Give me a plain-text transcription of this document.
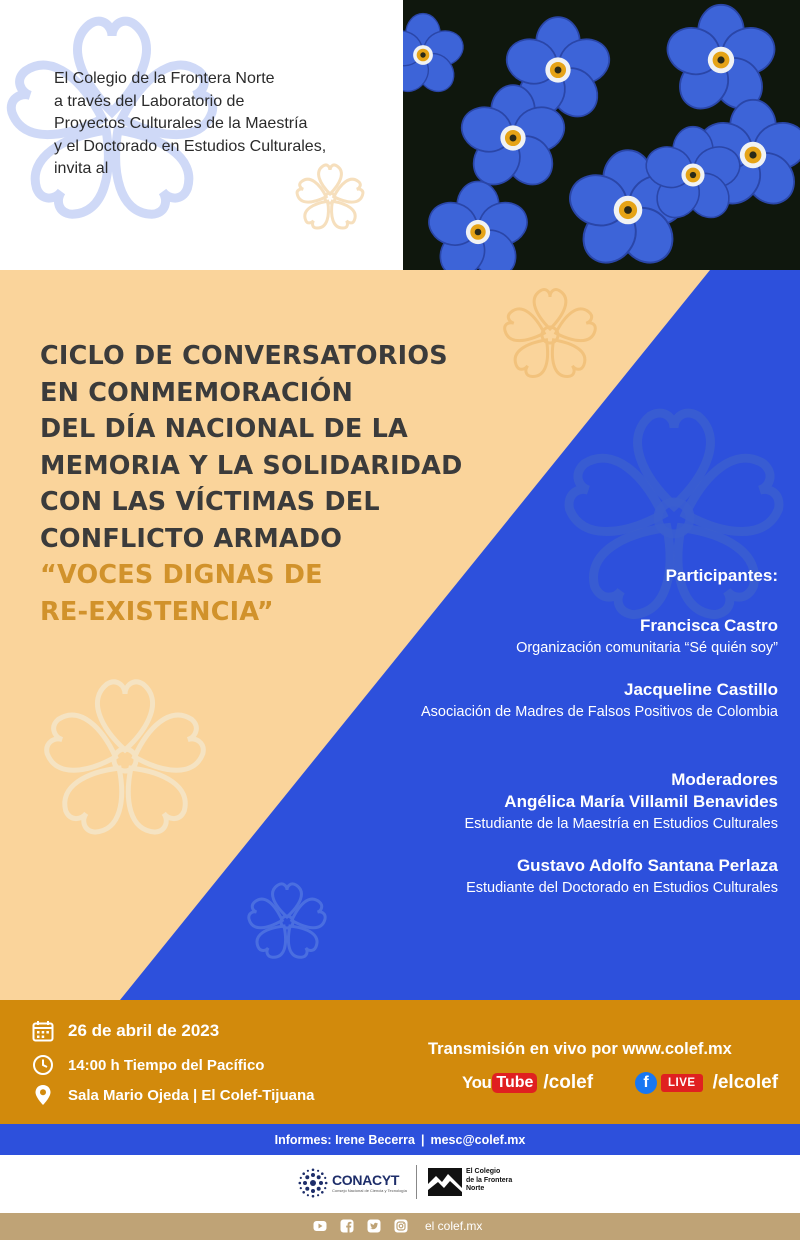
El Colegio de la Frontera Norte
a través del Laboratorio de
Proyectos Culturales de la Maestría
y el Doctorado en Estudios Culturales,
invita al
CICLO DE CONVERSATORIOS
EN CONMEMORACIÓN
DEL DÍA NACIONAL DE LA
MEMORIA Y LA SOLIDARIDAD
CON LAS VÍCTIMAS DEL
CONFLICTO ARMADO
“VOCES DIGNAS DE
RE-EXISTENCIA”
Participantes:
Francisca Castro
Organización comunitaria “Sé quién soy”
Jacqueline Castillo
Asociación de Madres de Falsos Positivos de Colombia
Moderadores
Angélica María Villamil Benavides
Estudiante de la Maestría en Estudios Culturales
Gustavo Adolfo Santana Perlaza
Estudiante del Doctorado en Estudios Culturales
26 de abril de 2023
14:00 h Tiempo del Pacífico
Sala Mario Ojeda | El Colef-Tijuana
Transmisión en vivo por www.colef.mx
You Tube /colef	f	LIVE /elcolef
Informes: Irene Becerra | mesc@colef.mx
CONACYT
Consejo Nacional de Ciencia y Tecnología
El Colegio
de la Frontera
Norte
el colef.mx
